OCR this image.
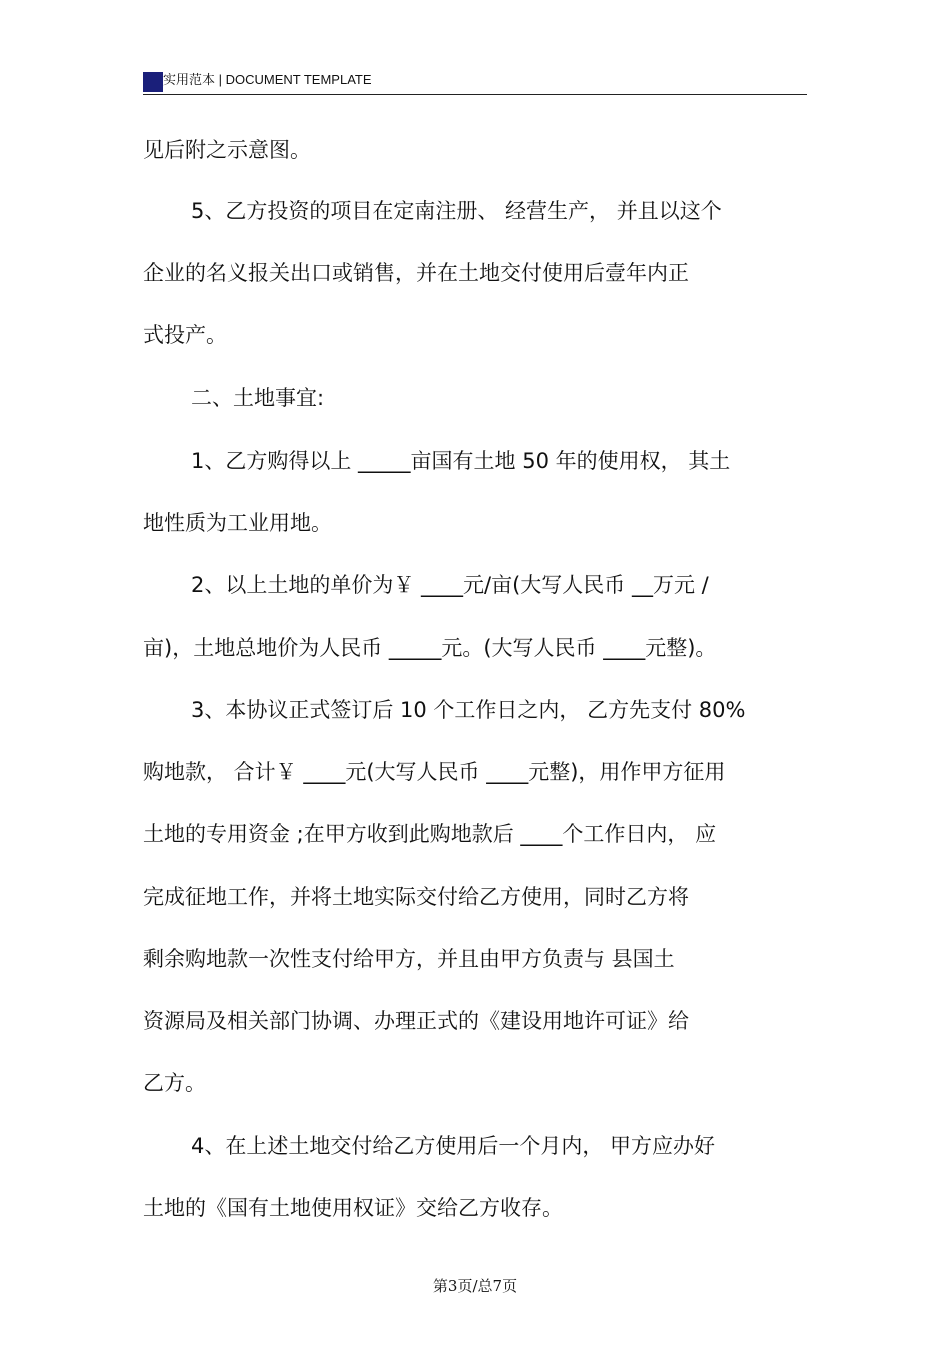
实用范本 | DOCUMENT TEMPLATE
见后附之示意图。
5、乙方投资的项目在定南注册、 经营生产， 并且以这个
企业的名义报关出口或销售，并在土地交付使用后壹年内正
式投产。
二、土地事宜:
1、乙方购得以上 _____亩国有土地 50 年的使用权， 其土
地性质为工业用地。
2、以上土地的单价为￥ ____元/亩(大写人民币 __万元 /
亩)，土地总地价为人民币 _____元。(大写人民币 ____元整)。
3、本协议正式签订后 10 个工作日之内， 乙方先支付 80%
购地款， 合计￥ ____元(大写人民币 ____元整)，用作甲方征用
土地的专用资金 ;在甲方收到此购地款后 ____个工作日内， 应
完成征地工作，并将土地实际交付给乙方使用，同时乙方将
剩余购地款一次性支付给甲方，并且由甲方负责与 县国土
资源局及相关部门协调、办理正式的《建设用地许可证》给
乙方。
4、在上述土地交付给乙方使用后一个月内， 甲方应办好
土地的《国有土地使用权证》交给乙方收存。
第3页/总7页
